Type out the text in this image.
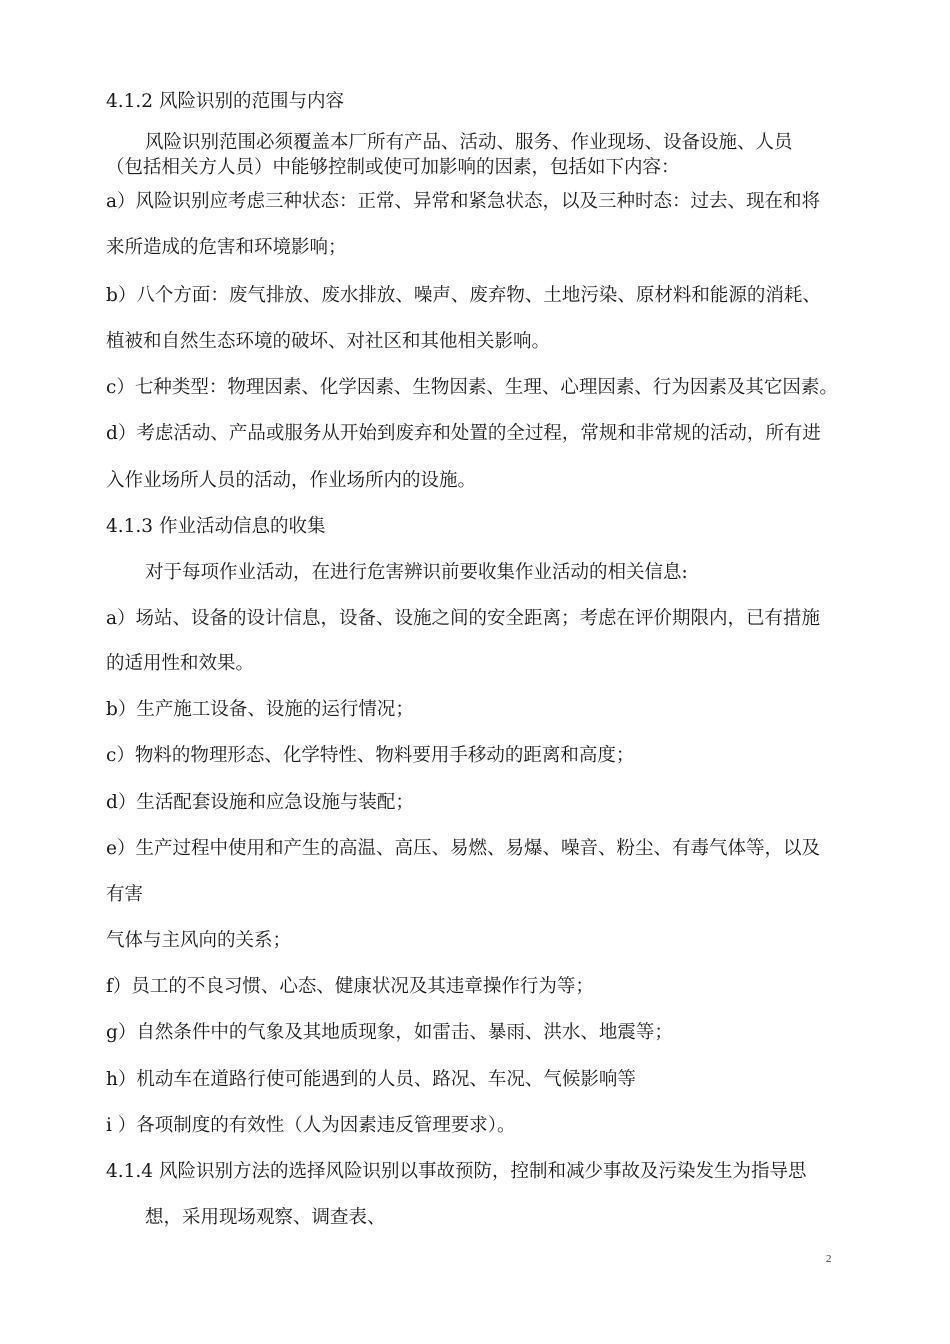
4.1.2 风险识别的范围与内容
风险识别范围必须覆盖本厂所有产品、活动、服务、作业现场、设备设施、人员
（包括相关方人员）中能够控制或使可加影响的因素，包括如下内容：
a）风险识别应考虑三种状态：正常、异常和紧急状态，以及三种时态：过去、现在和将
来所造成的危害和环境影响；
b）八个方面：废气排放、废水排放、噪声、废弃物、土地污染、原材料和能源的消耗、
植被和自然生态环境的破坏、对社区和其他相关影响。
c）七种类型：物理因素、化学因素、生物因素、生理、心理因素、行为因素及其它因素。
d）考虑活动、产品或服务从开始到废弃和处置的全过程，常规和非常规的活动，所有进
入作业场所人员的活动，作业场所内的设施。
4.1.3 作业活动信息的收集
对于每项作业活动，在进行危害辨识前要收集作业活动的相关信息:
a）场站、设备的设计信息，设备、设施之间的安全距离；考虑在评价期限内，已有措施
的适用性和效果。
b）生产施工设备、设施的运行情况；
c）物料的物理形态、化学特性、物料要用手移动的距离和高度；
d）生活配套设施和应急设施与装配；
e）生产过程中使用和产生的高温、高压、易燃、易爆、噪音、粉尘、有毒气体等，以及
有害
气体与主风向的关系；
f）员工的不良习惯、心态、健康状况及其违章操作行为等；
g）自然条件中的气象及其地质现象，如雷击、暴雨、洪水、地震等；
h）机动车在道路行使可能遇到的人员、路况、车况、气候影响等
i ）各项制度的有效性（人为因素违反管理要求）。
4.1.4 风险识别方法的选择风险识别以事故预防，控制和减少事故及污染发生为指导思
想，采用现场观察、调查表、
2
